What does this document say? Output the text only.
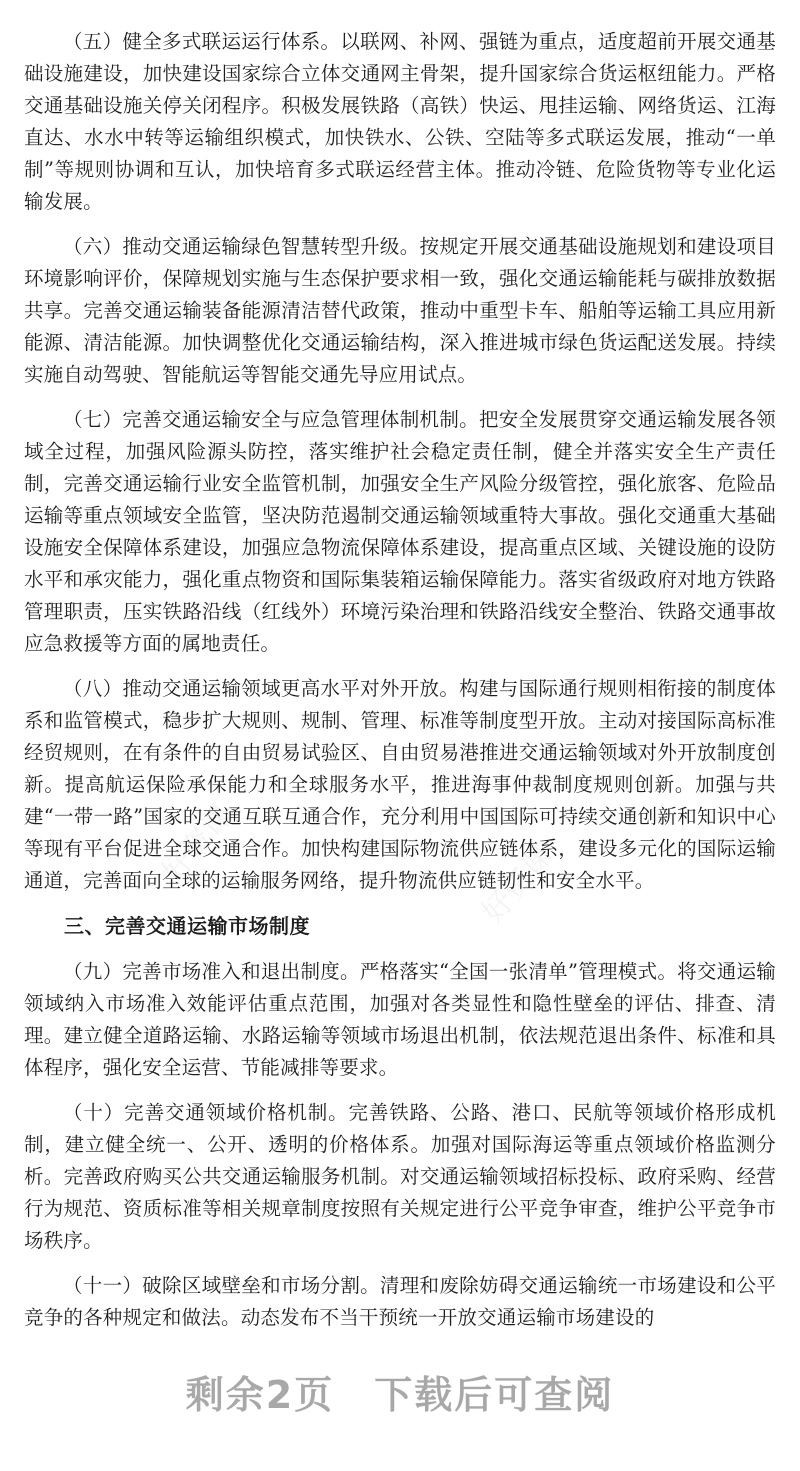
好资课	好资课

（五）健全多式联运运行体系。以联网、补网、强链为重点，适度超前开展交通基础设施建设，加快建设国家综合立体交通网主骨架，提升国家综合货运枢纽能力。严格交通基础设施关停关闭程序。积极发展铁路（高铁）快运、甩挂运输、网络货运、江海直达、水水中转等运输组织模式，加快铁水、公铁、空陆等多式联运发展，推动“一单制”等规则协调和互认，加快培育多式联运经营主体。推动冷链、危险货物等专业化运输发展。

（六）推动交通运输绿色智慧转型升级。按规定开展交通基础设施规划和建设项目环境影响评价，保障规划实施与生态保护要求相一致，强化交通运输能耗与碳排放数据共享。完善交通运输装备能源清洁替代政策，推动中重型卡车、船舶等运输工具应用新能源、清洁能源。加快调整优化交通运输结构，深入推进城市绿色货运配送发展。持续实施自动驾驶、智能航运等智能交通先导应用试点。

（七）完善交通运输安全与应急管理体制机制。把安全发展贯穿交通运输发展各领域全过程，加强风险源头防控，落实维护社会稳定责任制，健全并落实安全生产责任制，完善交通运输行业安全监管机制，加强安全生产风险分级管控，强化旅客、危险品运输等重点领域安全监管，坚决防范遏制交通运输领域重特大事故。强化交通重大基础设施安全保障体系建设，加强应急物流保障体系建设，提高重点区域、关键设施的设防水平和承灾能力，强化重点物资和国际集装箱运输保障能力。落实省级政府对地方铁路管理职责，压实铁路沿线（红线外）环境污染治理和铁路沿线安全整治、铁路交通事故应急救援等方面的属地责任。

（八）推动交通运输领域更高水平对外开放。构建与国际通行规则相衔接的制度体系和监管模式，稳步扩大规则、规制、管理、标准等制度型开放。主动对接国际高标准经贸规则，在有条件的自由贸易试验区、自由贸易港推进交通运输领域对外开放制度创新。提高航运保险承保能力和全球服务水平，推进海事仲裁制度规则创新。加强与共建“一带一路”国家的交通互联互通合作，充分利用中国国际可持续交通创新和知识中心等现有平台促进全球交通合作。加快构建国际物流供应链体系，建设多元化的国际运输通道，完善面向全球的运输服务网络，提升物流供应链韧性和安全水平。

三、完善交通运输市场制度

（九）完善市场准入和退出制度。严格落实“全国一张清单”管理模式。将交通运输领域纳入市场准入效能评估重点范围，加强对各类显性和隐性壁垒的评估、排查、清理。建立健全道路运输、水路运输等领域市场退出机制，依法规范退出条件、标准和具体程序，强化安全运营、节能减排等要求。

（十）完善交通领域价格机制。完善铁路、公路、港口、民航等领域价格形成机制，建立健全统一、公开、透明的价格体系。加强对国际海运等重点领域价格监测分析。完善政府购买公共交通运输服务机制。对交通运输领域招标投标、政府采购、经营行为规范、资质标准等相关规章制度按照有关规定进行公平竞争审查，维护公平竞争市场秩序。

（十一）破除区域壁垒和市场分割。清理和废除妨碍交通运输统一市场建设和公平竞争的各种规定和做法。动态发布不当干预统一开放交通运输市场建设的

剩余2页　下载后可查阅
